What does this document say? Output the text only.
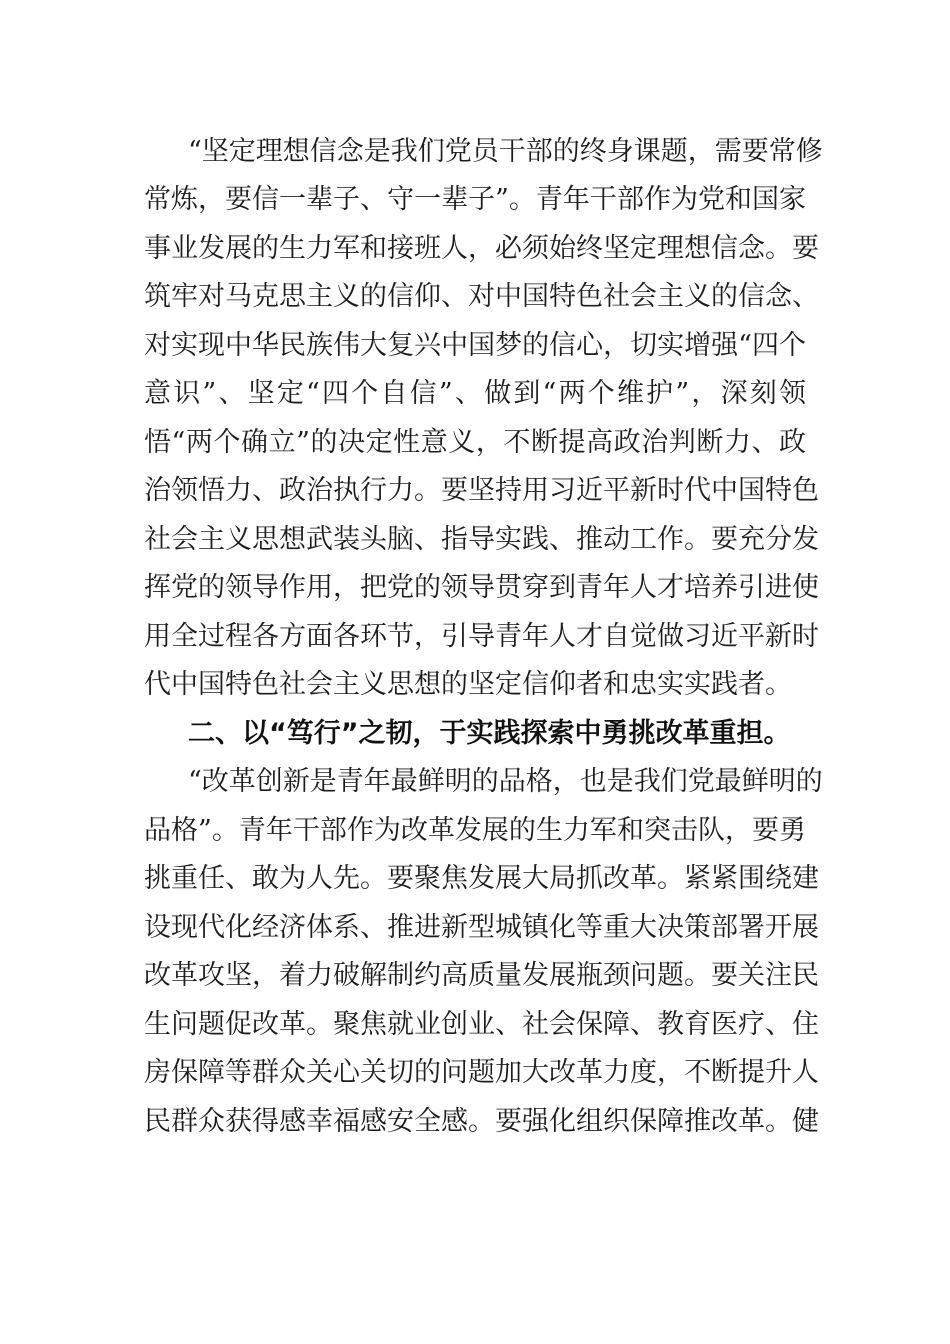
“坚定理想信念是我们党员干部的终身课题，需要常修

常炼，要信一辈子、守一辈子”。青年干部作为党和国家

事业发展的生力军和接班人，必须始终坚定理想信念。要

筑牢对马克思主义的信仰、对中国特色社会主义的信念、

对实现中华民族伟大复兴中国梦的信心，切实增强“四个

意识”、坚定“四个自信”、做到“两个维护”，深刻领

悟“两个确立”的决定性意义，不断提高政治判断力、政

治领悟力、政治执行力。要坚持用习近平新时代中国特色

社会主义思想武装头脑、指导实践、推动工作。要充分发

挥党的领导作用，把党的领导贯穿到青年人才培养引进使

用全过程各方面各环节，引导青年人才自觉做习近平新时

代中国特色社会主义思想的坚定信仰者和忠实实践者。

二、以“笃行”之韧，于实践探索中勇挑改革重担。

“改革创新是青年最鲜明的品格，也是我们党最鲜明的

品格”。青年干部作为改革发展的生力军和突击队，要勇

挑重任、敢为人先。要聚焦发展大局抓改革。紧紧围绕建

设现代化经济体系、推进新型城镇化等重大决策部署开展

改革攻坚，着力破解制约高质量发展瓶颈问题。要关注民

生问题促改革。聚焦就业创业、社会保障、教育医疗、住

房保障等群众关心关切的问题加大改革力度，不断提升人

民群众获得感幸福感安全感。要强化组织保障推改革。健
